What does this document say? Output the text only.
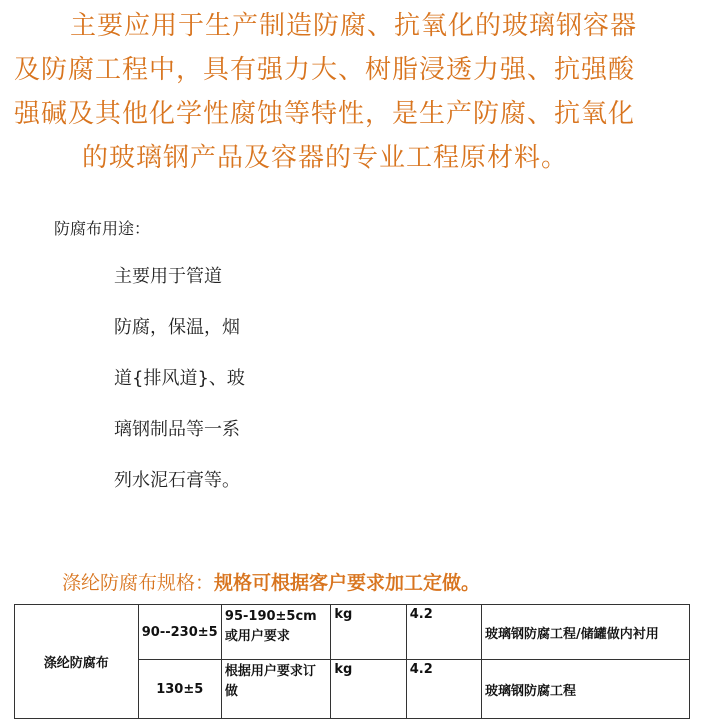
主要应用于生产制造防腐、抗氧化的玻璃钢容器
及防腐工程中，具有强力大、树脂浸透力强、抗强酸
强碱及其他化学性腐蚀等特性，是生产防腐、抗氧化
的玻璃钢产品及容器的专业工程原材料。
防腐布用途：
主要用于管道
防腐，保温，烟
道{排风道}、玻
璃钢制品等一系
列水泥石膏等。
涤纶防腐布规格：规格可根据客户要求加工定做。
涤纶防腐布	90--230±5	95-190±5cm或用户要求	kg	4.2	玻璃钢防腐工程/储罐做内衬用
	130±5	根据用户要求订做	kg	4.2	玻璃钢防腐工程
